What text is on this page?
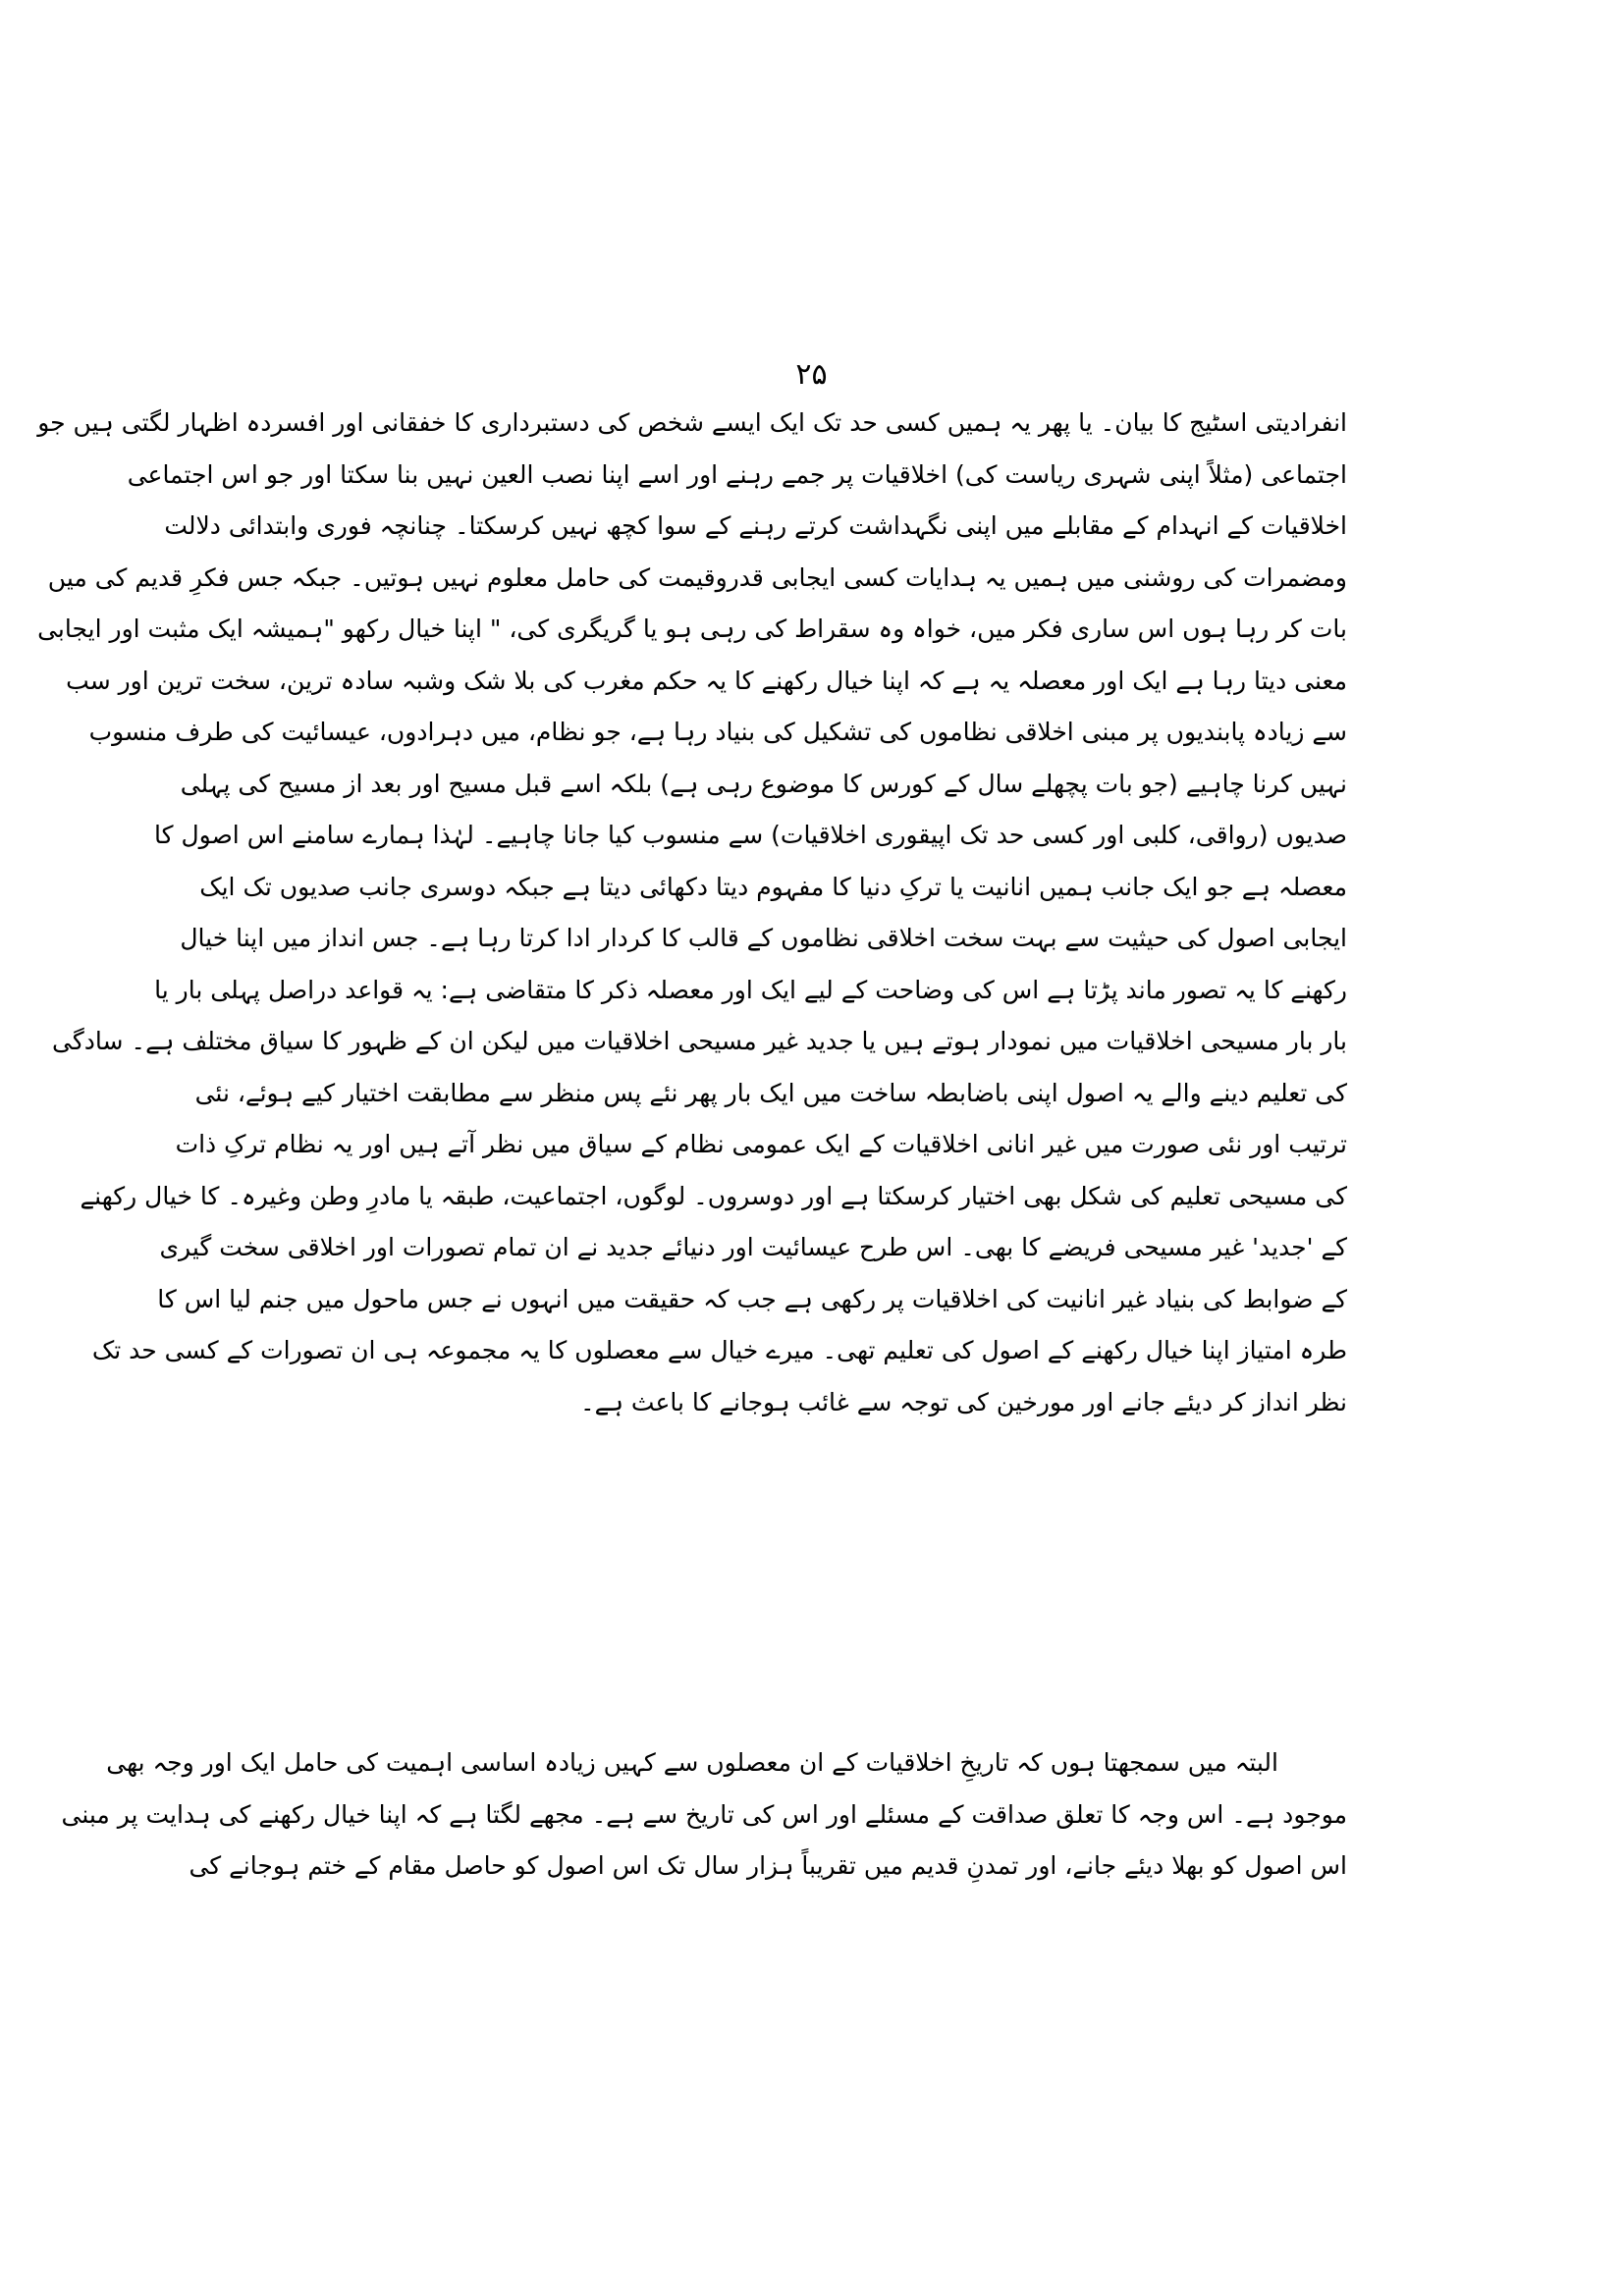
۲۵
انفرادیتی اسٹیج کا بیان۔ یا پھر یہ ہمیں کسی حد تک ایک ایسے شخص کی دستبرداری کا خفقانی اور افسردہ اظہار لگتی ہیں جو
اجتماعی (مثلاً اپنی شہری ریاست کی) اخلاقیات پر جمے رہنے اور اسے اپنا نصب العین نہیں بنا سکتا اور جو اس اجتماعی
اخلاقیات کے انہدام کے مقابلے میں اپنی نگہداشت کرتے رہنے کے سوا کچھ نہیں کرسکتا۔ چنانچہ فوری وابتدائی دلالت
ومضمرات کی روشنی میں ہمیں یہ ہدایات کسی ایجابی قدروقیمت کی حامل معلوم نہیں ہوتیں۔ جبکہ جس فکرِ قدیم کی میں
بات کر رہا ہوں اس ساری فکر میں، خواہ وہ سقراط کی رہی ہو یا گریگری کی، " اپنا خیال رکھو "ہمیشہ ایک مثبت اور ایجابی
معنی دیتا رہا ہے ایک اور معصلہ یہ ہے کہ اپنا خیال رکھنے کا یہ حکم مغرب کی بلا شک وشبہ سادہ ترین، سخت ترین اور سب
سے زیادہ پابندیوں پر مبنی اخلاقی نظاموں کی تشکیل کی بنیاد رہا ہے، جو نظام، میں دہرادوں، عیسائیت کی طرف منسوب
نہیں کرنا چاہیے (جو بات پچھلے سال کے کورس کا موضوع رہی ہے) بلکہ اسے قبل مسیح اور بعد از مسیح کی پہلی
صدیوں (رواقی، کلبی اور کسی حد تک اپیقوری اخلاقیات) سے منسوب کیا جانا چاہیے۔ لہٰذا ہمارے سامنے اس اصول کا
معصلہ ہے جو ایک جانب ہمیں انانیت یا ترکِ دنیا کا مفہوم دیتا دکھائی دیتا ہے جبکہ دوسری جانب صدیوں تک ایک
ایجابی اصول کی حیثیت سے بہت سخت اخلاقی نظاموں کے قالب کا کردار ادا کرتا رہا ہے۔ جس انداز میں اپنا خیال
رکھنے کا یہ تصور ماند پڑتا ہے اس کی وضاحت کے لیے ایک اور معصلہ ذکر کا متقاضی ہے: یہ قواعد دراصل پہلی بار یا
بار بار مسیحی اخلاقیات میں نمودار ہوتے ہیں یا جدید غیر مسیحی اخلاقیات میں لیکن ان کے ظہور کا سیاق مختلف ہے۔ سادگی
کی تعلیم دینے والے یہ اصول اپنی باضابطہ ساخت میں ایک بار پھر نئے پس منظر سے مطابقت اختیار کیے ہوئے، نئی
ترتیب اور نئی صورت میں غیر انانی اخلاقیات کے ایک عمومی نظام کے سیاق میں نظر آتے ہیں اور یہ نظام ترکِ ذات
کی مسیحی تعلیم کی شکل بھی اختیار کرسکتا ہے اور دوسروں۔ لوگوں، اجتماعیت، طبقہ یا مادرِ وطن وغیرہ۔ کا خیال رکھنے
کے 'جدید' غیر مسیحی فریضے کا بھی۔ اس طرح عیسائیت اور دنیائے جدید نے ان تمام تصورات اور اخلاقی سخت گیری
کے ضوابط کی بنیاد غیر انانیت کی اخلاقیات پر رکھی ہے جب کہ حقیقت میں انہوں نے جس ماحول میں جنم لیا اس کا
طرہ امتیاز اپنا خیال رکھنے کے اصول کی تعلیم تھی۔ میرے خیال سے معصلوں کا یہ مجموعہ ہی ان تصورات کے کسی حد تک
نظر انداز کر دیئے جانے اور مورخین کی توجہ سے غائب ہوجانے کا باعث ہے۔
البتہ میں سمجھتا ہوں کہ تاریخِ اخلاقیات کے ان معصلوں سے کہیں زیادہ اساسی اہمیت کی حامل ایک اور وجہ بھی
موجود ہے۔ اس وجہ کا تعلق صداقت کے مسئلے اور اس کی تاریخ سے ہے۔ مجھے لگتا ہے کہ اپنا خیال رکھنے کی ہدایت پر مبنی
اس اصول کو بھلا دیئے جانے، اور تمدنِ قدیم میں تقریباً ہزار سال تک اس اصول کو حاصل مقام کے ختم ہوجانے کی
